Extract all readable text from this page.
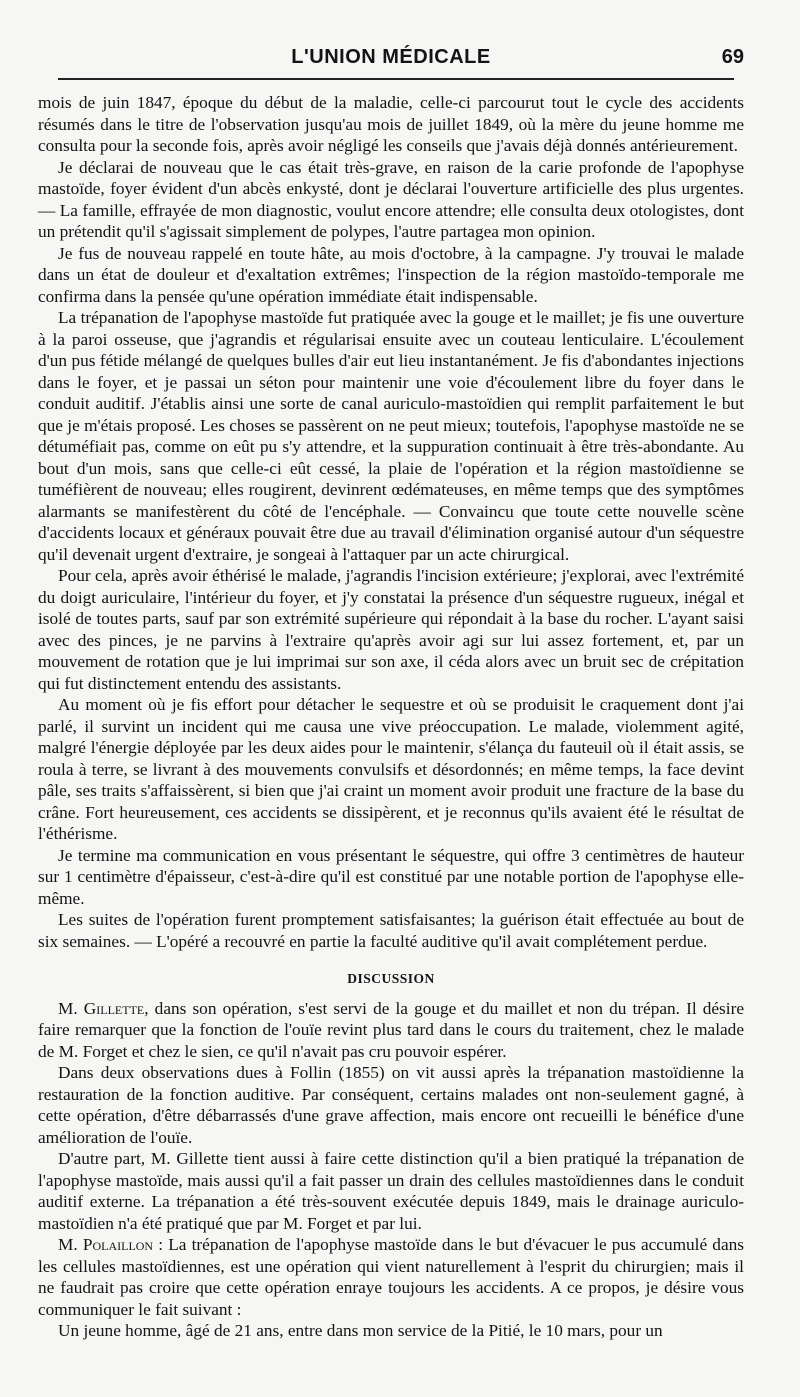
L'UNION MÉDICALE	69

mois de juin 1847, époque du début de la maladie, celle-ci parcourut tout le cycle des accidents résumés dans le titre de l'observation jusqu'au mois de juillet 1849, où la mère du jeune homme me consulta pour la seconde fois, après avoir négligé les conseils que j'avais déjà donnés antérieurement.

Je déclarai de nouveau que le cas était très-grave, en raison de la carie profonde de l'apophyse mastoïde, foyer évident d'un abcès enkysté, dont je déclarai l'ouverture artificielle des plus urgentes. — La famille, effrayée de mon diagnostic, voulut encore attendre; elle consulta deux otologistes, dont un prétendit qu'il s'agissait simplement de polypes, l'autre partagea mon opinion.

Je fus de nouveau rappelé en toute hâte, au mois d'octobre, à la campagne. J'y trouvai le malade dans un état de douleur et d'exaltation extrêmes; l'inspection de la région mastoïdo-temporale me confirma dans la pensée qu'une opération immédiate était indispensable.

La trépanation de l'apophyse mastoïde fut pratiquée avec la gouge et le maillet; je fis une ouverture à la paroi osseuse, que j'agrandis et régularisai ensuite avec un couteau lenticulaire. L'écoulement d'un pus fétide mélangé de quelques bulles d'air eut lieu instantanément. Je fis d'abondantes injections dans le foyer, et je passai un séton pour maintenir une voie d'écoulement libre du foyer dans le conduit auditif. J'établis ainsi une sorte de canal auriculo-mastoïdien qui remplit parfaitement le but que je m'étais proposé. Les choses se passèrent on ne peut mieux; toutefois, l'apophyse mastoïde ne se détuméfiait pas, comme on eût pu s'y attendre, et la suppuration continuait à être très-abondante. Au bout d'un mois, sans que celle-ci eût cessé, la plaie de l'opération et la région mastoïdienne se tuméfièrent de nouveau; elles rougirent, devinrent œdémateuses, en même temps que des symptômes alarmants se manifestèrent du côté de l'encéphale. — Convaincu que toute cette nouvelle scène d'accidents locaux et généraux pouvait être due au travail d'élimination organisé autour d'un séquestre qu'il devenait urgent d'extraire, je songeai à l'attaquer par un acte chirurgical.

Pour cela, après avoir éthérisé le malade, j'agrandis l'incision extérieure; j'explorai, avec l'extrémité du doigt auriculaire, l'intérieur du foyer, et j'y constatai la présence d'un séquestre rugueux, inégal et isolé de toutes parts, sauf par son extrémité supérieure qui répondait à la base du rocher. L'ayant saisi avec des pinces, je ne parvins à l'extraire qu'après avoir agi sur lui assez fortement, et, par un mouvement de rotation que je lui imprimai sur son axe, il céda alors avec un bruit sec de crépitation qui fut distinctement entendu des assistants.

Au moment où je fis effort pour détacher le sequestre et où se produisit le craquement dont j'ai parlé, il survint un incident qui me causa une vive préoccupation. Le malade, violemment agité, malgré l'énergie déployée par les deux aides pour le maintenir, s'élança du fauteuil où il était assis, se roula à terre, se livrant à des mouvements convulsifs et désordonnés; en même temps, la face devint pâle, ses traits s'affaissèrent, si bien que j'ai craint un moment avoir produit une fracture de la base du crâne. Fort heureusement, ces accidents se dissipèrent, et je reconnus qu'ils avaient été le résultat de l'éthérisme.

Je termine ma communication en vous présentant le séquestre, qui offre 3 centimètres de hauteur sur 1 centimètre d'épaisseur, c'est-à-dire qu'il est constitué par une notable portion de l'apophyse elle-même.

Les suites de l'opération furent promptement satisfaisantes; la guérison était effectuée au bout de six semaines. — L'opéré a recouvré en partie la faculté auditive qu'il avait complétement perdue.

DISCUSSION

M. Gillette, dans son opération, s'est servi de la gouge et du maillet et non du trépan. Il désire faire remarquer que la fonction de l'ouïe revint plus tard dans le cours du traitement, chez le malade de M. Forget et chez le sien, ce qu'il n'avait pas cru pouvoir espérer.

Dans deux observations dues à Follin (1855) on vit aussi après la trépanation mastoïdienne la restauration de la fonction auditive. Par conséquent, certains malades ont non-seulement gagné, à cette opération, d'être débarrassés d'une grave affection, mais encore ont recueilli le bénéfice d'une amélioration de l'ouïe.

D'autre part, M. Gillette tient aussi à faire cette distinction qu'il a bien pratiqué la trépanation de l'apophyse mastoïde, mais aussi qu'il a fait passer un drain des cellules mastoïdiennes dans le conduit auditif externe. La trépanation a été très-souvent exécutée depuis 1849, mais le drainage auriculo-mastoïdien n'a été pratiqué que par M. Forget et par lui.

M. Polaillon : La trépanation de l'apophyse mastoïde dans le but d'évacuer le pus accumulé dans les cellules mastoïdiennes, est une opération qui vient naturellement à l'esprit du chirurgien; mais il ne faudrait pas croire que cette opération enraye toujours les accidents. A ce propos, je désire vous communiquer le fait suivant :

Un jeune homme, âgé de 21 ans, entre dans mon service de la Pitié, le 10 mars, pour un
